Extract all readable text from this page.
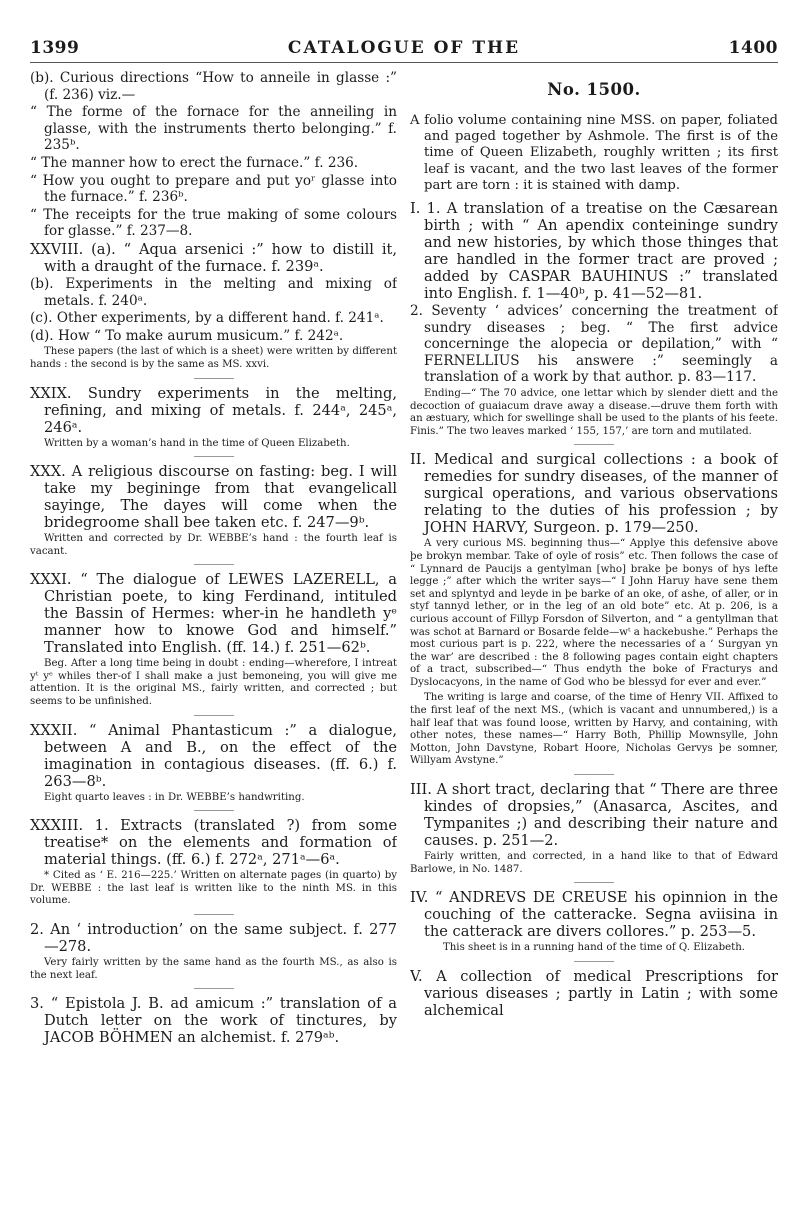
1399	CATALOGUE OF THE	1400
(b). Curious directions “How to anneile in glasse :” (f. 236) viz.—
“ The forme of the fornace for the anneiling in glasse, with the instruments therto belonging.” f. 235ᵇ.
“ The manner how to erect the furnace.” f. 236.
“ How you ought to prepare and put yoʳ glasse into the furnace.” f. 236ᵇ.
“ The receipts for the true making of some colours for glasse.” f. 237—8.
XXVIII. (a). “ Aqua arsenici :” how to distill it, with a draught of the furnace. f. 239ᵃ.
(b). Experiments in the melting and mixing of metals. f. 240ᵃ.
(c). Other experiments, by a different hand. f. 241ᵃ.
(d). How “ To make aurum musicum.” f. 242ᵃ.
These papers (the last of which is a sheet) were written by different hands : the second is by the same as MS. xxvi.
XXIX. Sundry experiments in the melting, refining, and mixing of metals. f. 244ᵃ, 245ᵃ, 246ᵃ.
Written by a woman’s hand in the time of Queen Elizabeth.
XXX. A religious discourse on fasting: beg. I will take my begininge from that evangelicall sayinge, The dayes will come when the bridegroome shall bee taken etc. f. 247—9ᵇ.
Written and corrected by Dr. WEBBE’s hand : the fourth leaf is vacant.
XXXI. “ The dialogue of LEWES LAZERELL, a Christian poete, to king Ferdinand, intituled the Bassin of Hermes: wher-in he handleth yᵉ manner how to knowe God and himself.” Translated into English. (ff. 14.) f. 251—62ᵇ.
Beg. After a long time being in doubt : ending—wherefore, I intreat yᵗ yᵉ whiles ther-of I shall make a just bemoneing, you will give me attention. It is the original MS., fairly written, and corrected ; but seems to be unfinished.
XXXII. “ Animal Phantasticum :” a dialogue, between A and B., on the effect of the imagination in contagious diseases. (ff. 6.) f. 263—8ᵇ.
Eight quarto leaves : in Dr. WEBBE’s handwriting.
XXXIII. 1. Extracts (translated ?) from some treatise* on the elements and formation of material things. (ff. 6.) f. 272ᵃ, 271ᵃ—6ᵃ.
* Cited as ‘ E. 216—225.’ Written on alternate pages (in quarto) by Dr. WEBBE : the last leaf is written like to the ninth MS. in this volume.
2. An ‘ introduction’ on the same subject. f. 277 —278.
Very fairly written by the same hand as the fourth MS., as also is the next leaf.
3. “ Epistola J. B. ad amicum :” translation of a Dutch letter on the work of tinctures, by JACOB BÖHMEN an alchemist. f. 279ᵃᵇ.
No. 1500.
A folio volume containing nine MSS. on paper, foliated and paged together by Ashmole. The first is of the time of Queen Elizabeth, roughly written ; its first leaf is vacant, and the two last leaves of the former part are torn : it is stained with damp.
I. 1. A translation of a treatise on the Cæsarean birth ; with “ An apendix conteininge sundry and new histories, by which those thinges that are handled in the former tract are proved ; added by CASPAR BAUHINUS :” translated into English. f. 1—40ᵇ, p. 41—52—81.
2. Seventy ‘ advices’ concerning the treatment of sundry diseases ; beg. “ The first advice concerninge the alopecia or depilation,” with “ FERNELLIUS his answere :” seemingly a translation of a work by that author. p. 83—117.
Ending—“ The 70 advice, one lettar which by slender diett and the decoction of guaiacum drave away a disease.—druve them forth with an æstuary, which for swellinge shall be used to the plants of his feete. Finis.” The two leaves marked ‘ 155, 157,’ are torn and mutilated.
II. Medical and surgical collections : a book of remedies for sundry diseases, of the manner of surgical operations, and various observations relating to the duties of his profession ; by JOHN HARVY, Surgeon. p. 179—250.
A very curious MS. beginning thus—“ Applye this defensive above þe brokyn membar. Take of oyle of rosis” etc. Then follows the case of “ Lynnard de Paucijs a gentylman [who] brake þe bonys of hys lefte legge ;” after which the writer says—“ I John Haruy have sene them set and splyntyd and leyde in þe barke of an oke, of ashe, of aller, or in styf tannyd lether, or in the leg of an old bote” etc. At p. 206, is a curious account of Fillyp Forsdon of Silverton, and “ a gentyllman that was schot at Barnard or Bosarde felde—wᵗ a hackebushe.” Perhaps the most curious part is p. 222, where the necessaries of a ‘ Surgyan yn the war’ are described : the 8 following pages contain eight chapters of a tract, subscribed—“ Thus endyth the boke of Fracturys and Dyslocacyons, in the name of God who be blessyd for ever and ever.”
The writing is large and coarse, of the time of Henry VII. Affixed to the first leaf of the next MS., (which is vacant and unnumbered,) is a half leaf that was found loose, written by Harvy, and containing, with other notes, these names—“ Harry Both, Phillip Mownsylle, John Motton, John Davstyne, Robart Hoore, Nicholas Gervys þe somner, Willyam Avstyne.”
III. A short tract, declaring that “ There are three kindes of dropsies,” (Anasarca, Ascites, and Tympanites ;) and describing their nature and causes. p. 251—2.
Fairly written, and corrected, in a hand like to that of Edward Barlowe, in No. 1487.
IV. “ ANDREVS DE CREUSE his opinnion in the couching of the catteracke. Segna aviisina in the catterack are divers collores.” p. 253—5.
This sheet is in a running hand of the time of Q. Elizabeth.
V. A collection of medical Prescriptions for various diseases ; partly in Latin ; with some alchemical
